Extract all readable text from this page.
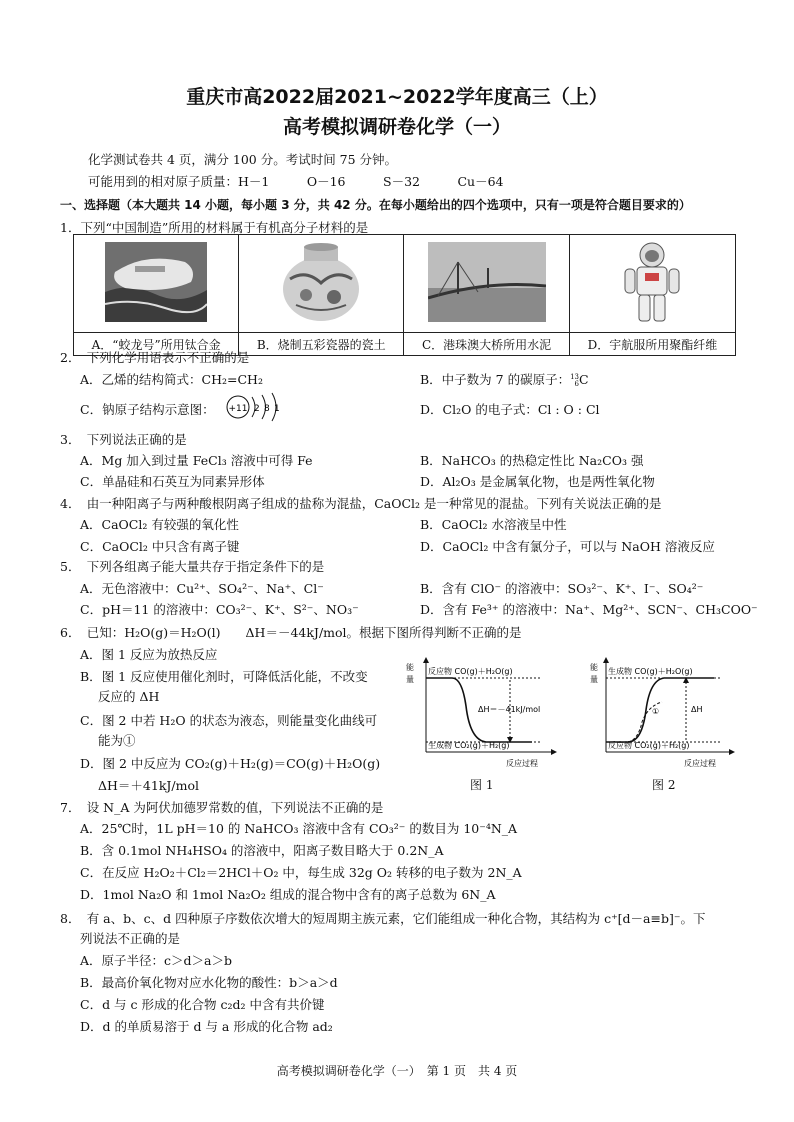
重庆市高2022届2021~2022学年度高三（上）
高考模拟调研卷化学（一）
化学测试卷共 4 页，满分 100 分。考试时间 75 分钟。
可能用到的相对原子质量：H－1　　　O－16　　　S－32　　　Cu－64
一、选择题（本大题共 14 小题，每小题 3 分，共 42 分。在每小题给出的四个选项中，只有一项是符合题目要求的）
1．下列“中国制造”所用的材料属于有机高分子材料的是

A．“蛟龙号”所用钛合金	B．烧制五彩瓷器的瓷土	C．港珠澳大桥所用水泥	D．宇航服所用聚酯纤维
2．　下列化学用语表示不正确的是
A．乙烯的结构简式：CH₂=CH₂	B．中子数为 7 的碳原子：13
6C
C．钠原子结构示意图： +11 2 8 1	D．Cl₂O 的电子式：Cl : O : Cl
3．　下列说法正确的是
A．Mg 加入到过量 FeCl₃ 溶液中可得 Fe	B．NaHCO₃ 的热稳定性比 Na₂CO₃ 强
C．单晶硅和石英互为同素异形体	D．Al₂O₃ 是金属氧化物，也是两性氧化物
4．　由一种阳离子与两种酸根阴离子组成的盐称为混盐，CaOCl₂ 是一种常见的混盐。下列有关说法正确的是
A．CaOCl₂ 有较强的氧化性	B．CaOCl₂ 水溶液呈中性
C．CaOCl₂ 中只含有离子键	D．CaOCl₂ 中含有氯分子，可以与 NaOH 溶液反应
5．　下列各组离子能大量共存于指定条件下的是
A．无色溶液中：Cu²⁺、SO₄²⁻、Na⁺、Cl⁻	B．含有 ClO⁻ 的溶液中：SO₃²⁻、K⁺、I⁻、SO₄²⁻
C．pH＝11 的溶液中：CO₃²⁻、K⁺、S²⁻、NO₃⁻	D．含有 Fe³⁺ 的溶液中：Na⁺、Mg²⁺、SCN⁻、CH₃COO⁻
6．　已知：H₂O(g)＝H₂O(l)　　ΔH＝－44kJ/mol。根据下图所得判断不正确的是
A．图 1 反应为放热反应
B．图 1 反应使用催化剂时，可降低活化能，不改变
反应的 ΔH
C．图 2 中若 H₂O 的状态为液态，则能量变化曲线可
能为①
D．图 2 中反应为 CO₂(g)＋H₂(g)＝CO(g)＋H₂O(g)
ΔH＝＋41kJ/mol
能
量
反应物 CO(g)＋H₂O(g)
生成物 CO₂(g)＋H₂(g)
ΔH＝－41kJ/mol
反应过程
图 1
能
量
生成物 CO(g)＋H₂O(g)
反应物 CO₂(g)＋H₂(g)
ΔH
①
反应过程
图 2
7．　设 N_A 为阿伏加德罗常数的值，下列说法不正确的是
A．25℃时，1L pH＝10 的 NaHCO₃ 溶液中含有 CO₃²⁻ 的数目为 10⁻⁴N_A
B．含 0.1mol NH₄HSO₄ 的溶液中，阳离子数目略大于 0.2N_A
C．在反应 H₂O₂＋Cl₂＝2HCl＋O₂ 中，每生成 32g O₂ 转移的电子数为 2N_A
D．1mol Na₂O 和 1mol Na₂O₂ 组成的混合物中含有的离子总数为 6N_A
8．　有 a、b、c、d 四种原子序数依次增大的短周期主族元素，它们能组成一种化合物，其结构为 c⁺[d－a≡b]⁻。下
列说法不正确的是
A．原子半径：c＞d＞a＞b
B．最高价氧化物对应水化物的酸性：b＞a＞d
C．d 与 c 形成的化合物 c₂d₂ 中含有共价键
D．d 的单质易溶于 d 与 a 形成的化合物 ad₂
高考模拟调研卷化学（一）　第 1 页　共 4 页
